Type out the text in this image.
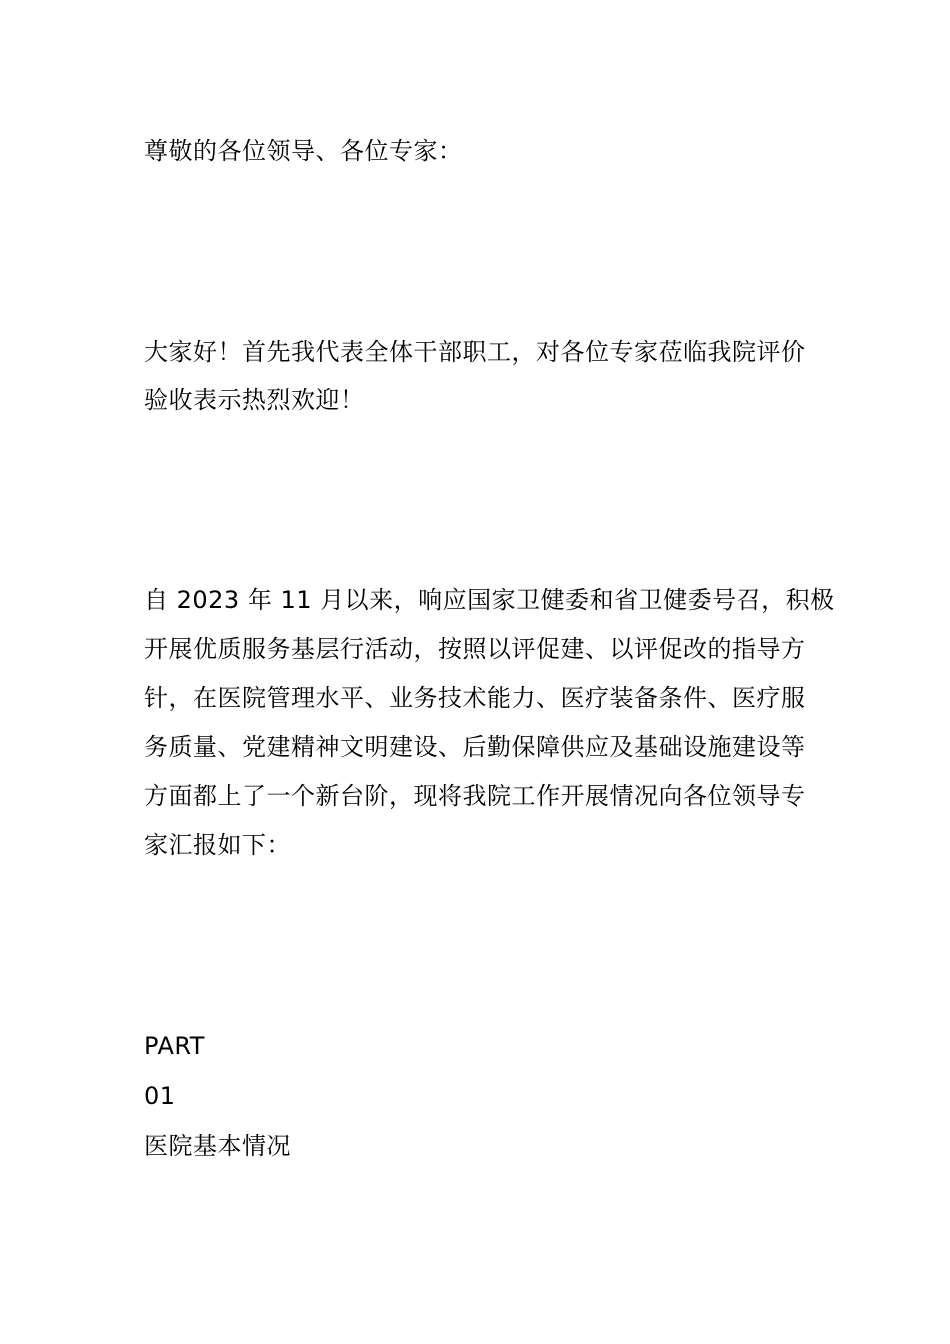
尊敬的各位领导、各位专家：
大家好！首先我代表全体干部职工，对各位专家莅临我院评价
验收表示热烈欢迎！
自 2023 年 11 月以来，响应国家卫健委和省卫健委号召，积极
开展优质服务基层行活动，按照以评促建、以评促改的指导方
针，在医院管理水平、业务技术能力、医疗装备条件、医疗服
务质量、党建精神文明建设、后勤保障供应及基础设施建设等
方面都上了一个新台阶，现将我院工作开展情况向各位领导专
家汇报如下：
PART
01
医院基本情况
